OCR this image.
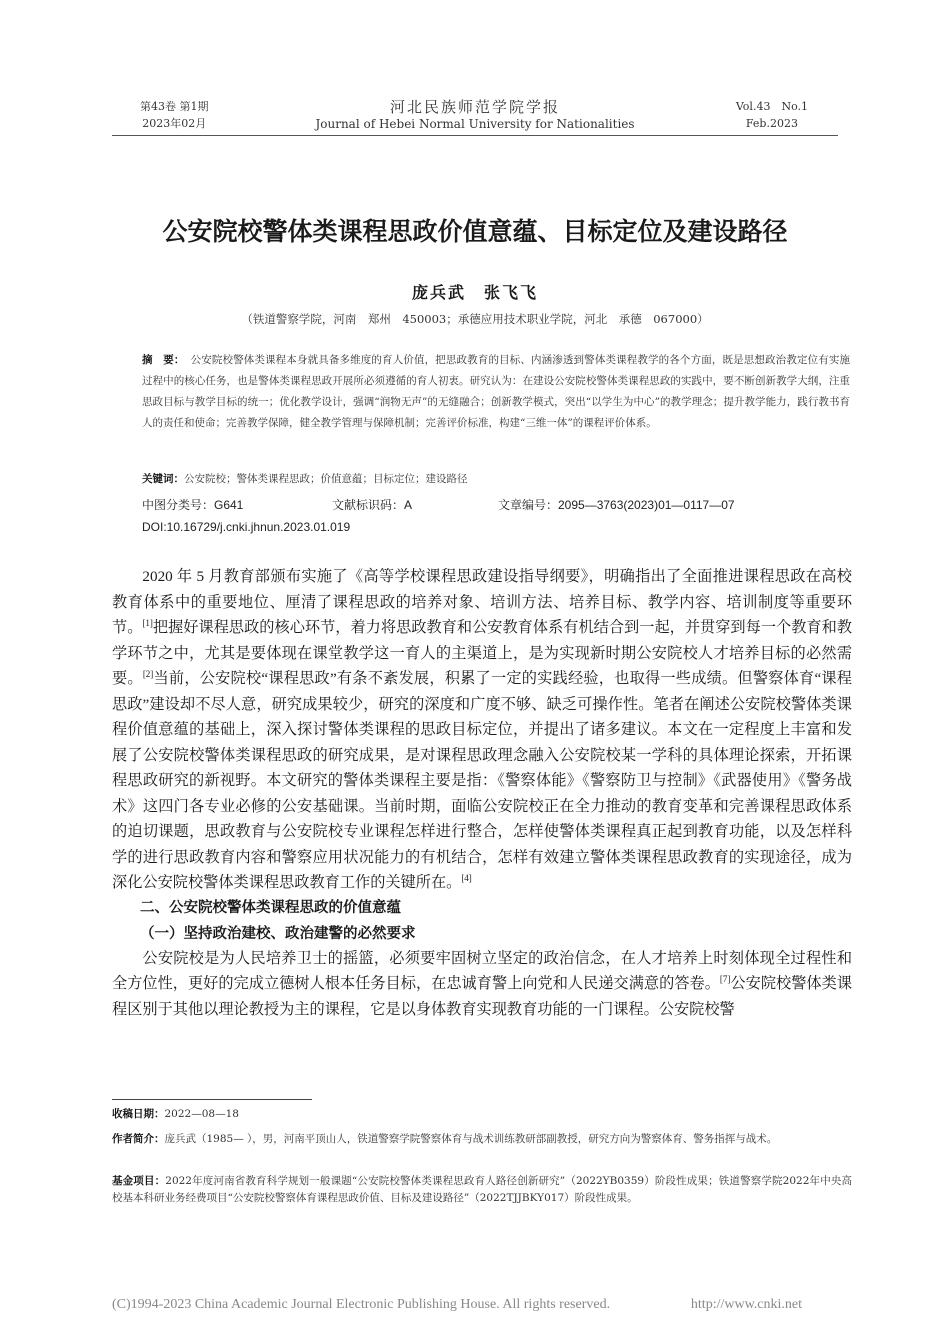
第43卷 第1期
2023年02月
河北民族师范学院学报
Journal of Hebei Normal University for Nationalities
Vol.43　No.1
Feb.2023
公安院校警体类课程思政价值意蕴、目标定位及建设路径
庞兵武　张飞飞
（铁道警察学院，河南　郑州　450003；承德应用技术职业学院，河北　承德　067000）
摘　要： 公安院校警体类课程本身就具备多维度的育人价值，把思政教育的目标、内涵渗透到警体类课程教学的各个方面，既是思想政治教定位有实施过程中的核心任务，也是警体类课程思政开展所必须遵循的育人初衷。研究认为：在建设公安院校警体类课程思政的实践中，要不断创新教学大纲，注重思政目标与教学目标的统一；优化教学设计，强调“润物无声”的无缝融合；创新教学模式，突出“以学生为中心”的教学理念；提升教学能力，践行教书育人的责任和使命；完善教学保障，健全教学管理与保障机制；完善评价标准，构建“三维一体”的课程评价体系。
关键词：公安院校；警体类课程思政；价值意蕴；目标定位；建设路径
中图分类号：G641	文献标识码：A	文章编号：2095—3763(2023)01—0117—07
DOI:10.16729/j.cnki.jhnun.2023.01.019

2020 年 5 月教育部颁布实施了《高等学校课程思政建设指导纲要》，明确指出了全面推进课程思政在高校教育体系中的重要地位、厘清了课程思政的培养对象、培训方法、培养目标、教学内容、培训制度等重要环节。[1]把握好课程思政的核心环节，着力将思政教育和公安教育体系有机结合到一起，并贯穿到每一个教育和教学环节之中，尤其是要体现在课堂教学这一育人的主渠道上，是为实现新时期公安院校人才培养目标的必然需要。[2]当前，公安院校“课程思政”有条不紊发展，积累了一定的实践经验，也取得一些成绩。但警察体育“课程思政”建设却不尽人意，研究成果较少，研究的深度和广度不够、缺乏可操作性。笔者在阐述公安院校警体类课程价值意蕴的基础上，深入探讨警体类课程的思政目标定位，并提出了诸多建议。本文在一定程度上丰富和发展了公安院校警体类课程思政的研究成果，是对课程思政理念融入公安院校某一学科的具体理论探索，开拓课程思政研究的新视野。本文研究的警体类课程主要是指：《警察体能》《警察防卫与控制》《武器使用》《警务战术》这四门各专业必修的公安基础课。当前时期，面临公安院校正在全力推动的教育变革和完善课程思政体系的迫切课题，思政教育与公安院校专业课程怎样进行整合，怎样使警体类课程真正起到教育功能，以及怎样科学的进行思政教育内容和警察应用状况能力的有机结合，怎样有效建立警体类课程思政教育的实现途径，成为深化公安院校警体类课程思政教育工作的关键所在。[4]

二、公安院校警体类课程思政的价值意蕴
（一）坚持政治建校、政治建警的必然要求

公安院校是为人民培养卫士的摇篮，必须要牢固树立坚定的政治信念，在人才培养上时刻体现全过程性和全方位性，更好的完成立德树人根本任务目标，在忠诚育警上向党和人民递交满意的答卷。[7]公安院校警体类课程区别于其他以理论教授为主的课程，它是以身体教育实现教育功能的一门课程。公安院校警

收稿日期：2022—08—18
作者简介：庞兵武（1985— ），男，河南平顶山人，铁道警察学院警察体育与战术训练教研部副教授，研究方向为警察体育、警务指挥与战术。
基金项目：2022年度河南省教育科学规划一般课题“公安院校警体类课程思政育人路径创新研究”（2022YB0359）阶段性成果；铁道警察学院2022年中央高校基本科研业务经费项目“公安院校警察体育课程思政价值、目标及建设路径”（2022TJJBKY017）阶段性成果。
(C)1994-2023 China Academic Journal Electronic Publishing House. All rights reserved.	http://www.cnki.net
